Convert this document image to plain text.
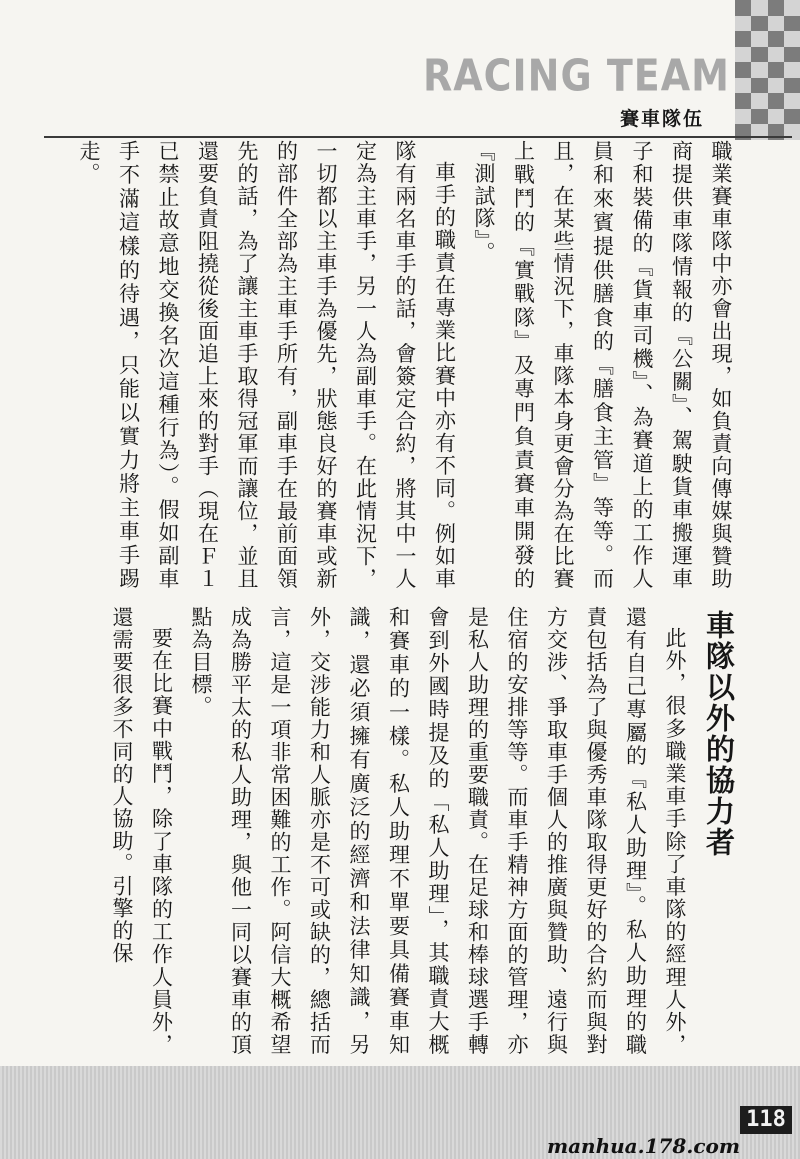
RACING TEAM
賽車隊伍

職業賽車隊中亦會出現，如負責向傳媒與贊助商提供車隊情報的『公關』、駕駛貨車搬運車子和裝備的『貨車司機』、為賽道上的工作人員和來賓提供膳食的『膳食主管』等等。而且，在某些情況下，車隊本身更會分為在比賽上戰鬥的『實戰隊』及專門負責賽車開發的『測試隊』。

車手的職責在專業比賽中亦有不同。例如車隊有兩名車手的話，會簽定合約，將其中一人定為主車手，另一人為副車手。在此情況下，一切都以主車手為優先，狀態良好的賽車或新的部件全部為主車手所有，副車手在最前面領先的話，為了讓主車手取得冠軍而讓位，並且還要負責阻撓從後面追上來的對手（現在Ｆ１已禁止故意地交換名次這種行為）。假如副車手不滿這樣的待遇，只能以實力將主車手踢走。

車隊以外的協力者

此外，很多職業車手除了車隊的經理人外，還有自己專屬的『私人助理』。私人助理的職責包括為了與優秀車隊取得更好的合約而與對方交涉、爭取車手個人的推廣與贊助、遠行與住宿的安排等等。而車手精神方面的管理，亦是私人助理的重要職責。在足球和棒球選手轉會到外國時提及的「私人助理」，其職責大概和賽車的一樣。私人助理不單要具備賽車知識，還必須擁有廣泛的經濟和法律知識，另外，交涉能力和人脈亦是不可或缺的，總括而言，這是一項非常困難的工作。阿信大概希望成為勝平太的私人助理，與他一同以賽車的頂點為目標。

要在比賽中戰鬥，除了車隊的工作人員外，還需要很多不同的人協助。引擎的保

118
manhua.178.com
